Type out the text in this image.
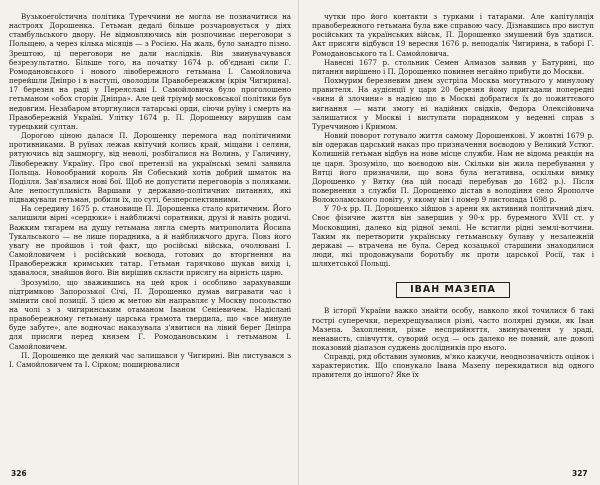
Вузькоегоїстична політика Туреччини не могла не позначитися на настроях Дорошенка. Гетьман дедалі більше розчаровується у діях стамбульського двору. Не відмовляючись він розпочинає переговори з Польщею, а через кілька місяців — з Росією. На жаль, було занадто пізно. Зрештою, ці переговори не дали наслідків. Він звинувачувався безрезультатно. Більше того, на початку 1674 р. об'єднані сили Г. Ромодановського і нового лівобережного гетьмана І. Самойловича перейшли Дніпро і в наступі, оволоділи Правобережжям (крім Чигирина). 17 березня на раді у Переяславі І. Самойловича було проголошено гетьманом «обох сторін Дніпра». Але цей тріумф московської політики був недовгим. Незабаром вторгнулися татарські орди, сіючи руїну і смерть на Правобережній Україні. Улітку 1674 р. П. Дорошенку вирушив сам турецький султан.

Дорогою ціною далася П. Дорошенку перемога над політичними противниками. В руїнах лежав квітучий колись край, міщани і селяни, рятуючись від зашморгу, від неволі, розбігалися на Волинь, у Галичину, Лівобережну Україну. Про свої претензії на українські землі заявила Польща. Новообраний король Ян Собеський хотів добрий шматок на Поділля. Зав'язалися нові бої. Щоб не допустити переговорів з поляками. Але непоступливість Варшави у державно-політичних питаннях, які підважували гетьман, робили їх, по суті, безперспективними.

На середину 1675 р. становище П. Дорошенка стало критичним. Його залишили вірні «сердюки» і найближчі соратники, друзі й навіть родичі. Важким тягарем на душу гетьмана лягла смерть митрополита Йосипа Тукальського — не лише порадника, а й найближчого друга. Повз його увагу не пройшов і той факт, що російські війська, очолювані І. Самойловичем і російський воєвода, готових до вторгнення на Правобережжя кримських татар. Гетьман гарячково шукав вихід і, здавалося, знайшов його. Він вирішив скласти присягу на вірність царю.

Зрозуміло, що зважившись на цей крок і особливо зарахувавши підтримкою Запорозької Січі, П. Дорошенко думав вигравати час і змінити свої позиції. З цією ж метою він направляє у Москву посольство на чолі з з чигиринським отаманом Іваном Сеніевичем. Надіслані правобережному гетьману царська грамота твердила, що «все минуле буде забуте», але водночас наказувала з'явитися на лівий берег Дніпра для присяги перед князем Г. Ромодановським і гетьманом І. Самойловичем.

П. Дорошенко ще деякий час залишався у Чигирині. Він листувався з І. Самойловичем та І. Сірком; поширювалися

чутки про його контакти з турками і татарами. Але капітуляція правобережного гетьмана була вже справою часу. Дізнавшись про виступ російських та українських військ, П. Дорошенко змушений був здатися. Акт присяги відбувся 19 вересня 1676 р. неподалік Чигирина, в таборі Г. Ромодановського та І. Самойловича.

Навесні 1677 р. стольник Семен Алмазов заявив у Батурині, що питання вирішено і П. Дорошенко повинен негайно прибути до Москви.

Похмурим березневим днем зустріла Москва могутнього у минулому правителя. На аудієнції у царя 20 березня йому пригадали попередні «вини й злочини» в надією що в Москві добратися їх до пожиттєвого вигнання — мати змогу ні надійних свідків, Федора Олексійовича залишатися у Москві і виступати порадником у веденні справ з Туреччиною і Кримом.

Новий поворот готувало життя самому Дорошенкові. У жовтні 1679 р. він одержав царський наказ про призначення воєводою у Великий Устюг. Колишній гетьман відбув на нове місце служби. Нам не відома реакція на це царя. Зрозуміло, що воєводою він. Скільки він жила перебування у Вятці його призначили, що вона була негативна, оскільки вимку Дорошенко у Вятку (на цій посаді перебував до 1682 р.). Після повернення з служби П. Дорошенко дістав в володіння село Ярополче Волоколамського повіту, у якому він і помер 9 листопада 1698 р.

У 70-х рр. П. Дорошенко зійшов з арени як активний політичний діяч. Своє фізичне життя він завершив у 90-х рр. буремного XVII ст. у Московщині, далеко від рідної землі. Не встигли рідні землі-вотчини. Таким як перетворити українську гетьманську булаву у незалежній державі — втрачена не була. Серед козацької старшини знаходилися люди, які продовжували боротьбу як проти царської Росії, так і шляхетської Польщі.

ІВАН МАЗЕПА

В історії України важко знайти особу, навколо якої точилися б такі гострі суперечки, перехрещувалися різні, часто полярні думки, як Іван Мазепа. Захоплення, різке несприйняття, звинувачення у зраді, ненависть, співчуття, суворий осуд — ось далеко не повний, але доволі показовий діапазон суджень дослідників про нього.

Справді, ряд обставин зумовив, м'яко кажучи, неоднозначність оцінок і характеристик. Що спонукало Івана Мазепу перекидатися від одного правителя до іншого? Яке їх

326	327
